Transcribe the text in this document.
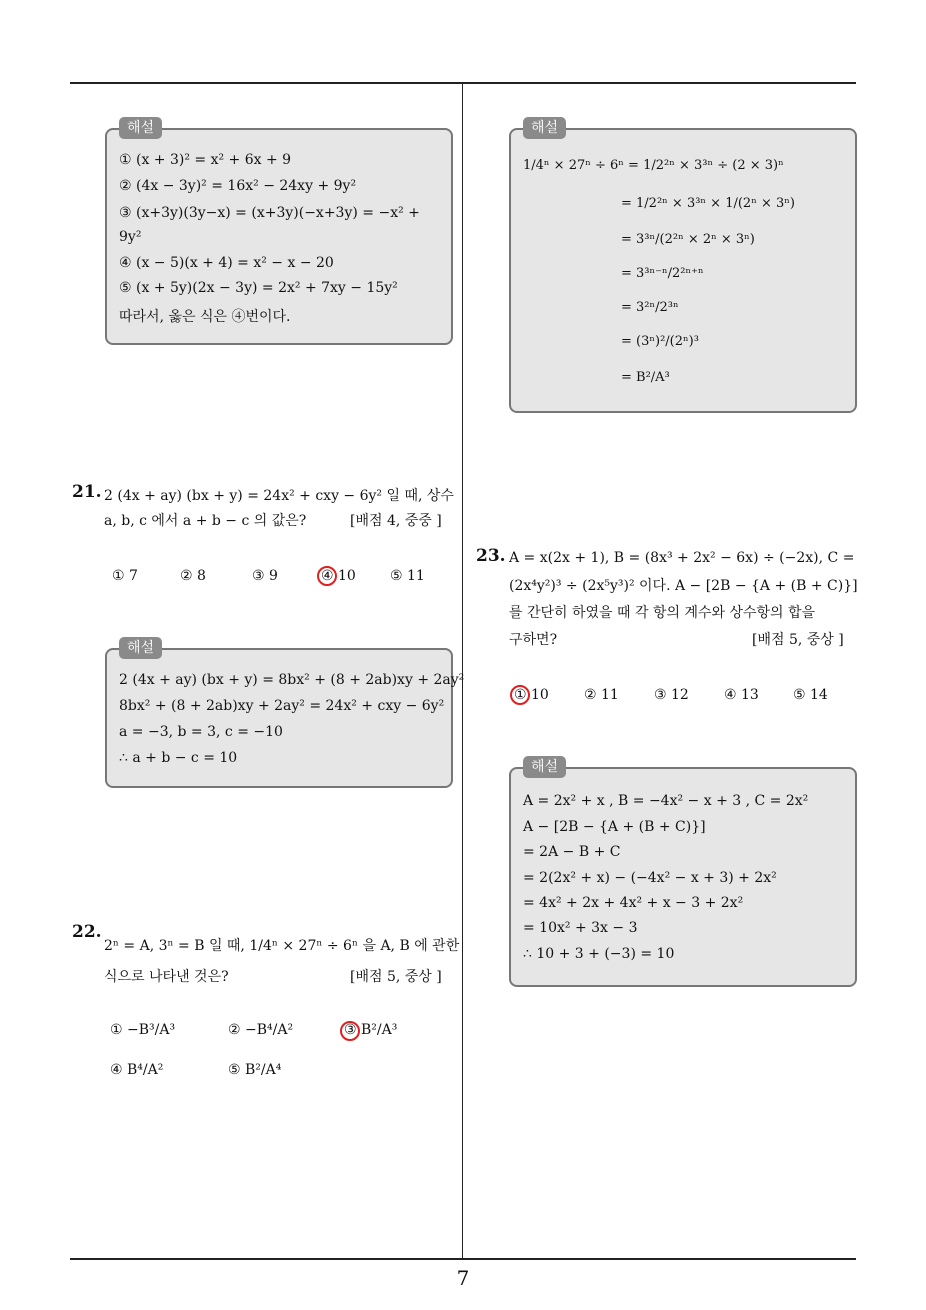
7
해설
① (x + 3)² = x² + 6x + 9
② (4x − 3y)² = 16x² − 24xy + 9y²
③ (x+3y)(3y−x) = (x+3y)(−x+3y) = −x² +
9y²
④ (x − 5)(x + 4) = x² − x − 20
⑤ (x + 5y)(2x − 3y) = 2x² + 7xy − 15y²
따라서, 옳은 식은 ④번이다.
21. 2 (4x + ay) (bx + y) = 24x² + cxy − 6y² 일 때, 상수
a, b, c 에서 a + b − c 의 값은?	[배점 4, 중중 ]
① 7	② 8	③ 9	④ 10 ⑤ 11
해설
2 (4x + ay) (bx + y) = 8bx² + (8 + 2ab)xy + 2ay²
8bx² + (8 + 2ab)xy + 2ay² = 24x² + cxy − 6y²
a = −3, b = 3, c = −10
∴ a + b − c = 10
22.
2ⁿ = A, 3ⁿ = B 일 때, 1/4ⁿ × 27ⁿ ÷ 6ⁿ 을 A, B 에 관한
식으로 나타낸 것은?	[배점 5, 중상 ]
① −B³/A³	② −B⁴/A²	③ B²/A³
④ B⁴/A²	⑤ B²/A⁴
해설
1/4ⁿ × 27ⁿ ÷ 6ⁿ = 1/2²ⁿ × 3³ⁿ ÷ (2 × 3)ⁿ
= 1/2²ⁿ × 3³ⁿ × 1/(2ⁿ × 3ⁿ)
= 3³ⁿ/(2²ⁿ × 2ⁿ × 3ⁿ)
= 3³ⁿ⁻ⁿ/2²ⁿ⁺ⁿ
= 3²ⁿ/2³ⁿ
= (3ⁿ)²/(2ⁿ)³
= B²/A³
23. A = x(2x + 1), B = (8x³ + 2x² − 6x) ÷ (−2x), C =
(2x⁴y²)³ ÷ (2x⁵y³)² 이다. A − [2B − {A + (B + C)}]
를 간단히 하였을 때 각 항의 계수와 상수항의 합을
구하면?	[배점 5, 중상 ]
① 10	② 11	③ 12	④ 13 ⑤ 14
해설
A = 2x² + x , B = −4x² − x + 3 , C = 2x²
A − [2B − {A + (B + C)}]
= 2A − B + C
= 2(2x² + x) − (−4x² − x + 3) + 2x²
= 4x² + 2x + 4x² + x − 3 + 2x²
= 10x² + 3x − 3
∴ 10 + 3 + (−3) = 10
